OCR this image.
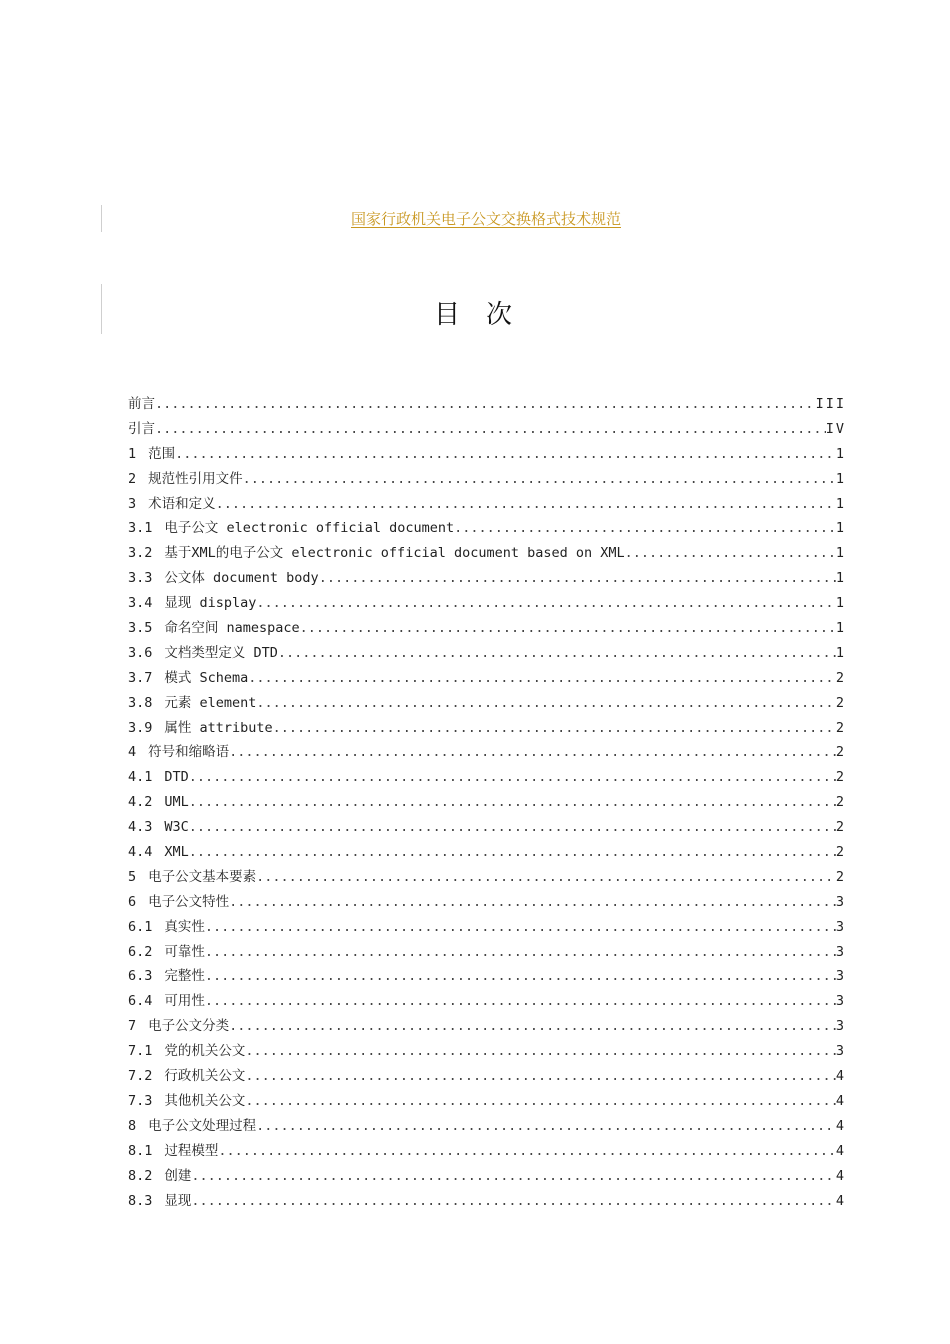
国家行政机关电子公文交换格式技术规范
目次
前言 .....	III
引言 .....	IV
1 范围 .....	1
2 规范性引用文件 .....	1
3 术语和定义 .....	1
3.1 电子公文 electronic official document .....	1
3.2 基于XML的电子公文 electronic official document based on XML .....	1
3.3 公文体 document body .....	1
3.4 显现 display .....	1
3.5 命名空间 namespace .....	1
3.6 文档类型定义 DTD .....	1
3.7 模式 Schema .....	2
3.8 元素 element .....	2
3.9 属性 attribute .....	2
4 符号和缩略语 .....	2
4.1 DTD .....	2
4.2 UML .....	2
4.3 W3C .....	2
4.4 XML .....	2
5 电子公文基本要素 .....	2
6 电子公文特性 .....	3
6.1 真实性 .....	3
6.2 可靠性 .....	3
6.3 完整性 .....	3
6.4 可用性 .....	3
7 电子公文分类 .....	3
7.1 党的机关公文 .....	3
7.2 行政机关公文 .....	4
7.3 其他机关公文 .....	4
8 电子公文处理过程 .....	4
8.1 过程模型 .....	4
8.2 创建 .....	4
8.3 显现 .....	4
